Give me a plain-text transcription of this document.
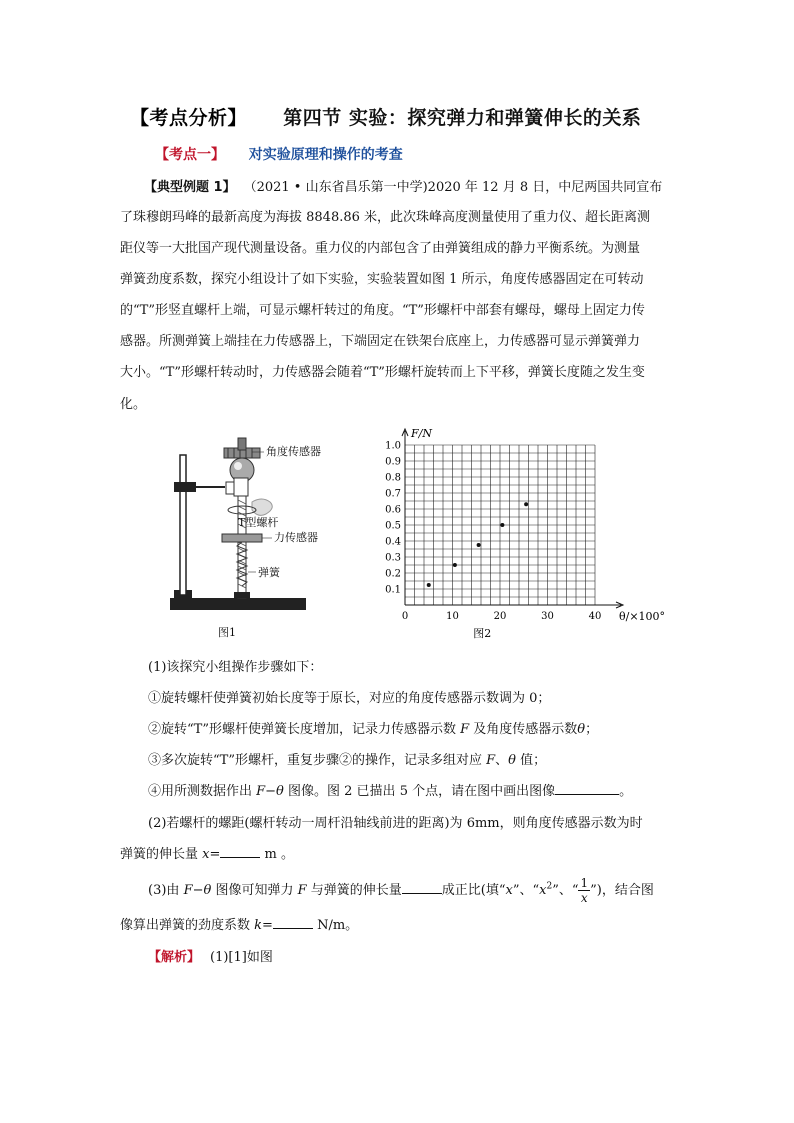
【考点分析】 第四节 实验：探究弹力和弹簧伸长的关系
【考点一】 对实验原理和操作的考查
【典型例题 1】 （2021 • 山东省昌乐第一中学)2020 年 12 月 8 日，中尼两国共同宣布
了珠穆朗玛峰的最新高度为海拔 8848.86 米，此次珠峰高度测量使用了重力仪、超长距离测
距仪等一大批国产现代测量设备。重力仪的内部包含了由弹簧组成的静力平衡系统。为测量
弹簧劲度系数，探究小组设计了如下实验，实验装置如图 1 所示，角度传感器固定在可转动
的“T”形竖直螺杆上端，可显示螺杆转过的角度。“T”形螺杆中部套有螺母，螺母上固定力传
感器。所测弹簧上端挂在力传感器上，下端固定在铁架台底座上，力传感器可显示弹簧弹力
大小。“T”形螺杆转动时，力传感器会随着“T”形螺杆旋转而上下平移，弹簧长度随之发生变
化。
角度传感器
T型螺杆
力传感器
弹簧
图1
0.1
0.2
0.3
0.4
0.5
0.6
0.7
0.8
0.9
1.0
0	10	20	30	40
F/N
θ/×100°
图2
(1)该探究小组操作步骤如下：
①旋转螺杆使弹簧初始长度等于原长，对应的角度传感器示数调为 0；
②旋转“T”形螺杆使弹簧长度增加，记录力传感器示数 F 及角度传感器示数θ；
③多次旋转“T”形螺杆，重复步骤②的操作，记录多组对应 F、θ 值；
④用所测数据作出 F−θ 图像。图 2 已描出 5 个点，请在图中画出图像	。
(2)若螺杆的螺距(螺杆转动一周杆沿轴线前进的距离)为 6mm，则角度传感器示数为时
弹簧的伸长量 x=	m 。
(3)由 F−θ 图像可知弹力 F 与弹簧的伸长量	成正比(填“x”、“$x^2$”、“ $\frac{1}{x}$ ”)，结合图
像算出弹簧的劲度系数 k=	N/m。
【解析】 (1)[1]如图
